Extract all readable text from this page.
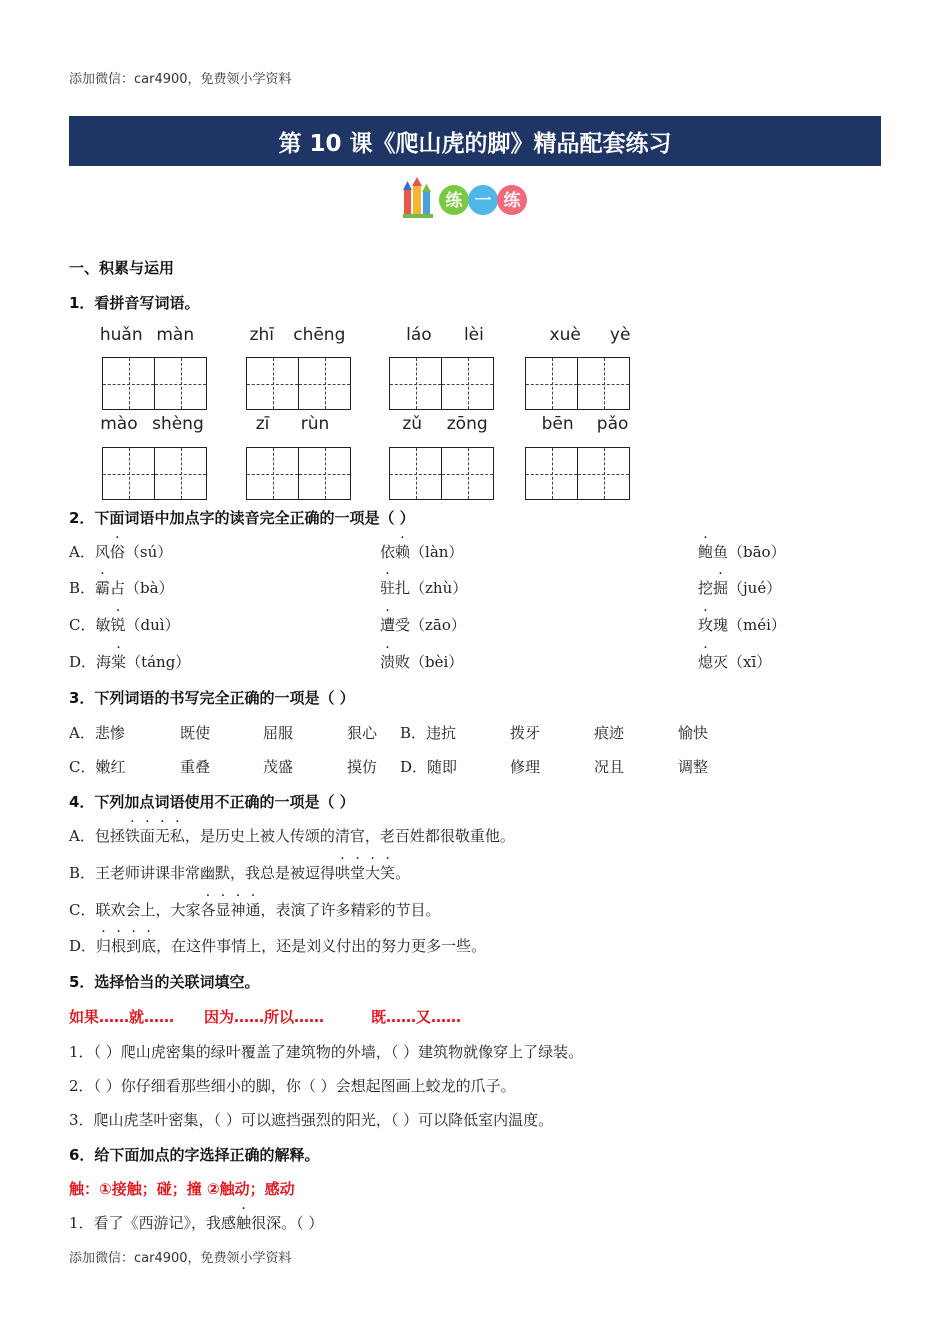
添加微信：car4900，免费领小学资料
第 10 课《爬山虎的脚》精品配套练习
练 一 练
一、积累与运用
1．看拼音写词语。
huǎn màn	zhī chēng	láo lèi	xuè yè
mào shèng	zī rùn	zǔ zōng	bēn pǎo
2．下面词语中加点字的读音完全正确的一项是（ ）
A．风俗（sú）	依赖（làn）	鲍鱼（bāo）
B．霸占（bà）	驻扎（zhù）	挖掘（jué）
C．敏锐（duì）	遭受（zāo）	玫瑰（méi）
D．海棠（táng）	溃败（bèi）	熄灭（xī）
3．下列词语的书写完全正确的一项是（ ）
A．悲惨	既使	屈服	狠心 B．违抗	拨牙	痕迹	愉快
C．嫩红	重叠	茂盛	摸仿 D．随即	修理	况且	调整
4．下列加点词语使用不正确的一项是（ ）
A．包拯铁面无私，是历史上被人传颂的清官，老百姓都很敬重他。
B．王老师讲课非常幽默，我总是被逗得哄堂大笑。
C．联欢会上，大家各显神通，表演了许多精彩的节目。
D．归根到底，在这件事情上，还是刘义付出的努力更多一些。
5．选择恰当的关联词填空。
如果……就…… 因为……所以……	既……又……
1．（ ）爬山虎密集的绿叶覆盖了建筑物的外墙，（ ）建筑物就像穿上了绿装。
2．（ ）你仔细看那些细小的脚，你（ ）会想起图画上蛟龙的爪子。
3．爬山虎茎叶密集，（ ）可以遮挡强烈的阳光，（ ）可以降低室内温度。
6．给下面加点的字选择正确的解释。
触：①接触；碰；撞 ②触动；感动
1．看了《西游记》，我感触很深。（ ）
添加微信：car4900，免费领小学资料
